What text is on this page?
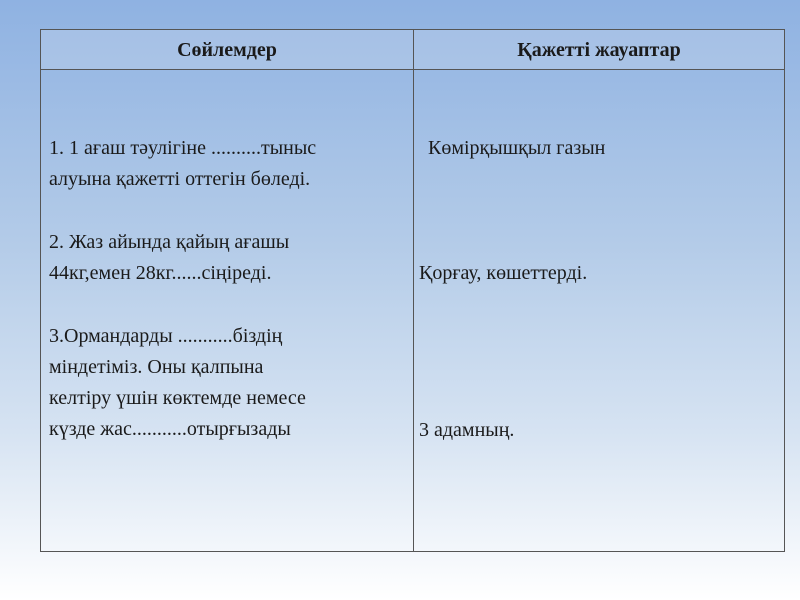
Сөйлемдер	Қажетті жауаптар
1. 1 ағаш тәулігіне ..........тыныс
алуына қажетті оттегін бөледі.
2. Жаз айында қайың ағашы
44кг,емен 28кг......сіңіреді.
3.Ормандарды ...........біздің
міндетіміз. Оны қалпына
келтіру үшін көктемде немесе
күзде жас...........отырғызады
Көмірқышқыл газын
Қорғау, көшеттерді.
3 адамның.
